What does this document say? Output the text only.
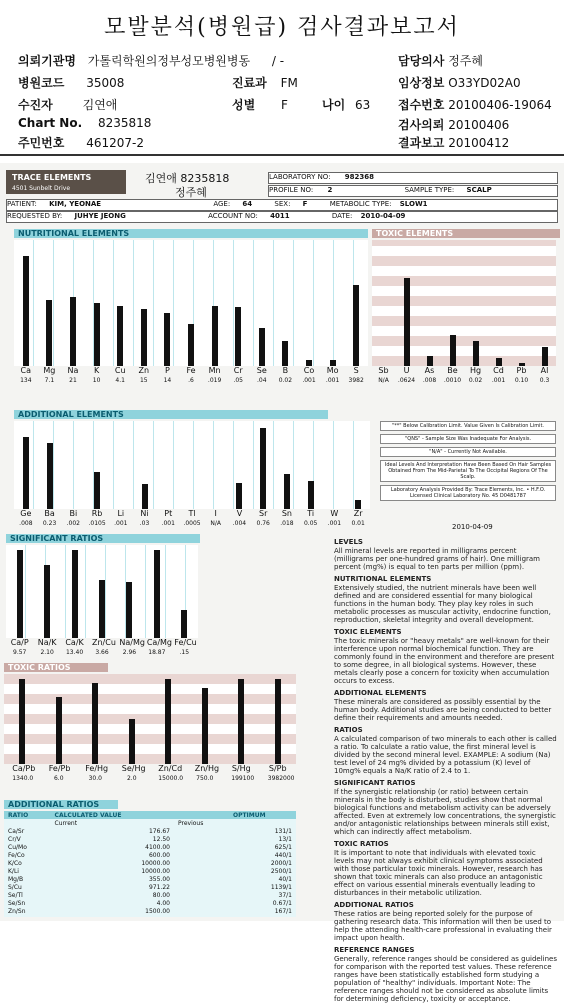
모발분석(병원급) 검사결과보고서
의뢰기관명 가톨릭학원의정부성모병원병동 / -
병원코드 35008	진료과 FM
수진자 김연애	성별 F	나이 63
Chart No. 8235818
주민번호 461207-2
담당의사 정주혜
임상정보 O33YD02A0
접수번호 20100406-19064
검사의뢰 20100406
결과보고 20100412
TRACE ELEMENTS
4501 Sunbelt Drive
김연애 8235818
정주혜
LABORATORY NO: 982368
PROFILE NO: 2	SAMPLE TYPE: SCALP
PATIENT: KIM, YEONAE	AGE: 64	SEX: F	METABOLIC TYPE: SLOW1
REQUESTED BY: JUHYE JEONG	ACCOUNT NO: 4011	DATE: 2010-04-09
NUTRITIONAL ELEMENTS
Ca
134
Mg
7.1
Na
21
K
10
Cu
4.1
Zn
15
P
14
Fe
.6
Mn
.019
Cr
.05
Se
.04
B
0.02
Co
.001
Mo
.001
S
3982
TOXIC ELEMENTS
Sb
N/A
U
.0624
As
.008
Be
.0010
Hg
0.02
Cd
.001
Pb
0.10
Al
0.3
ADDITIONAL ELEMENTS
Ge
.008
Ba
0.23
Bi
.002
Rb
.0105
Li
.001
Ni
.03
Pt
.001
Tl
.0005
I
N/A
V
.004
Sr
0.76
Sn
.018
Ti
0.05
W
.001
Zr
0.01
"**" Below Calibration Limit. Value Given Is Calibration Limit.
"QNS" - Sample Size Was Inadequate For Analysis.
"N/A" - Currently Not Available.
Ideal Levels And Interpretation Have Been Based On Hair Samples Obtained From The Mid-Parietal To The Occipital Regions Of The Scalp.
Laboratory Analysis Provided By: Trace Elements, Inc. • H.F.O. Licensed Clinical Laboratory No. 45 D0481787
2010-04-09
SIGNIFICANT RATIOS
Ca/P
9.57
Na/K
2.10
Ca/K
13.40
Zn/Cu
3.66
Na/Mg
2.96
Ca/Mg
18.87
Fe/Cu
.15
TOXIC RATIOS
Ca/Pb
1340.0
Fe/Pb
6.0
Fe/Hg
30.0
Se/Hg
2.0
Zn/Cd
15000.0
Zn/Hg
750.0
S/Hg
199100
S/Pb
3982000
ADDITIONAL RATIOS
RATIO	CALCULATED VALUE		OPTIMUM
	Current	Previous	
Ca/Sr	176.67		131/1
Cr/V	12.50		13/1
Cu/Mo	4100.00		625/1
Fe/Co	600.00		440/1
K/Co	10000.00		2000/1
K/Li	10000.00		2500/1
Mg/B	355.00		40/1
S/Cu	971.22		1139/1
Se/Tl	80.00		37/1
Se/Sn	4.00		0.67/1
Zn/Sn	1500.00		167/1
LEVELS

All mineral levels are reported in milligrams percent (milligrams per one-hundred grams of hair). One milligram percent (mg%) is equal to ten parts per million (ppm).

NUTRITIONAL ELEMENTS

Extensively studied, the nutrient minerals have been well defined and are considered essential for many biological functions in the human body. They play key roles in such metabolic processes as muscular activity, endocrine function, reproduction, skeletal integrity and overall development.

TOXIC ELEMENTS

The toxic minerals or "heavy metals" are well-known for their interference upon normal biochemical function. They are commonly found in the environment and therefore are present to some degree, in all biological systems. However, these metals clearly pose a concern for toxicity when accumulation occurs to excess.

ADDITIONAL ELEMENTS

These minerals are considered as possibly essential by the human body. Additional studies are being conducted to better define their requirements and amounts needed.

RATIOS

A calculated comparison of two minerals to each other is called a ratio. To calculate a ratio value, the first mineral level is divided by the second mineral level. EXAMPLE: A sodium (Na) test level of 24 mg% divided by a potassium (K) level of 10mg% equals a Na/K ratio of 2.4 to 1.

SIGNIFICANT RATIOS

If the synergistic relationship (or ratio) between certain minerals in the body is disturbed, studies show that normal biological functions and metabolism activity can be adversely affected. Even at extremely low concentrations, the synergistic and/or antagonistic relationships between minerals still exist, which can indirectly affect metabolism.

TOXIC RATIOS

It is important to note that individuals with elevated toxic levels may not always exhibit clinical symptoms associated with those particular toxic minerals. However, research has shown that toxic minerals can also produce an antagonistic effect on various essential minerals eventually leading to disturbances in their metabolic utilization.

ADDITIONAL RATIOS

These ratios are being reported solely for the purpose of gathering research data. This information will then be used to help the attending health-care professional in evaluating their impact upon health.

REFERENCE RANGES

Generally, reference ranges should be considered as guidelines for comparison with the reported test values. These reference ranges have been statistically established form studying a population of "healthy" individuals. Important Note: The reference ranges should not be considered as absolute limits for determining deficiency, toxicity or acceptance.
